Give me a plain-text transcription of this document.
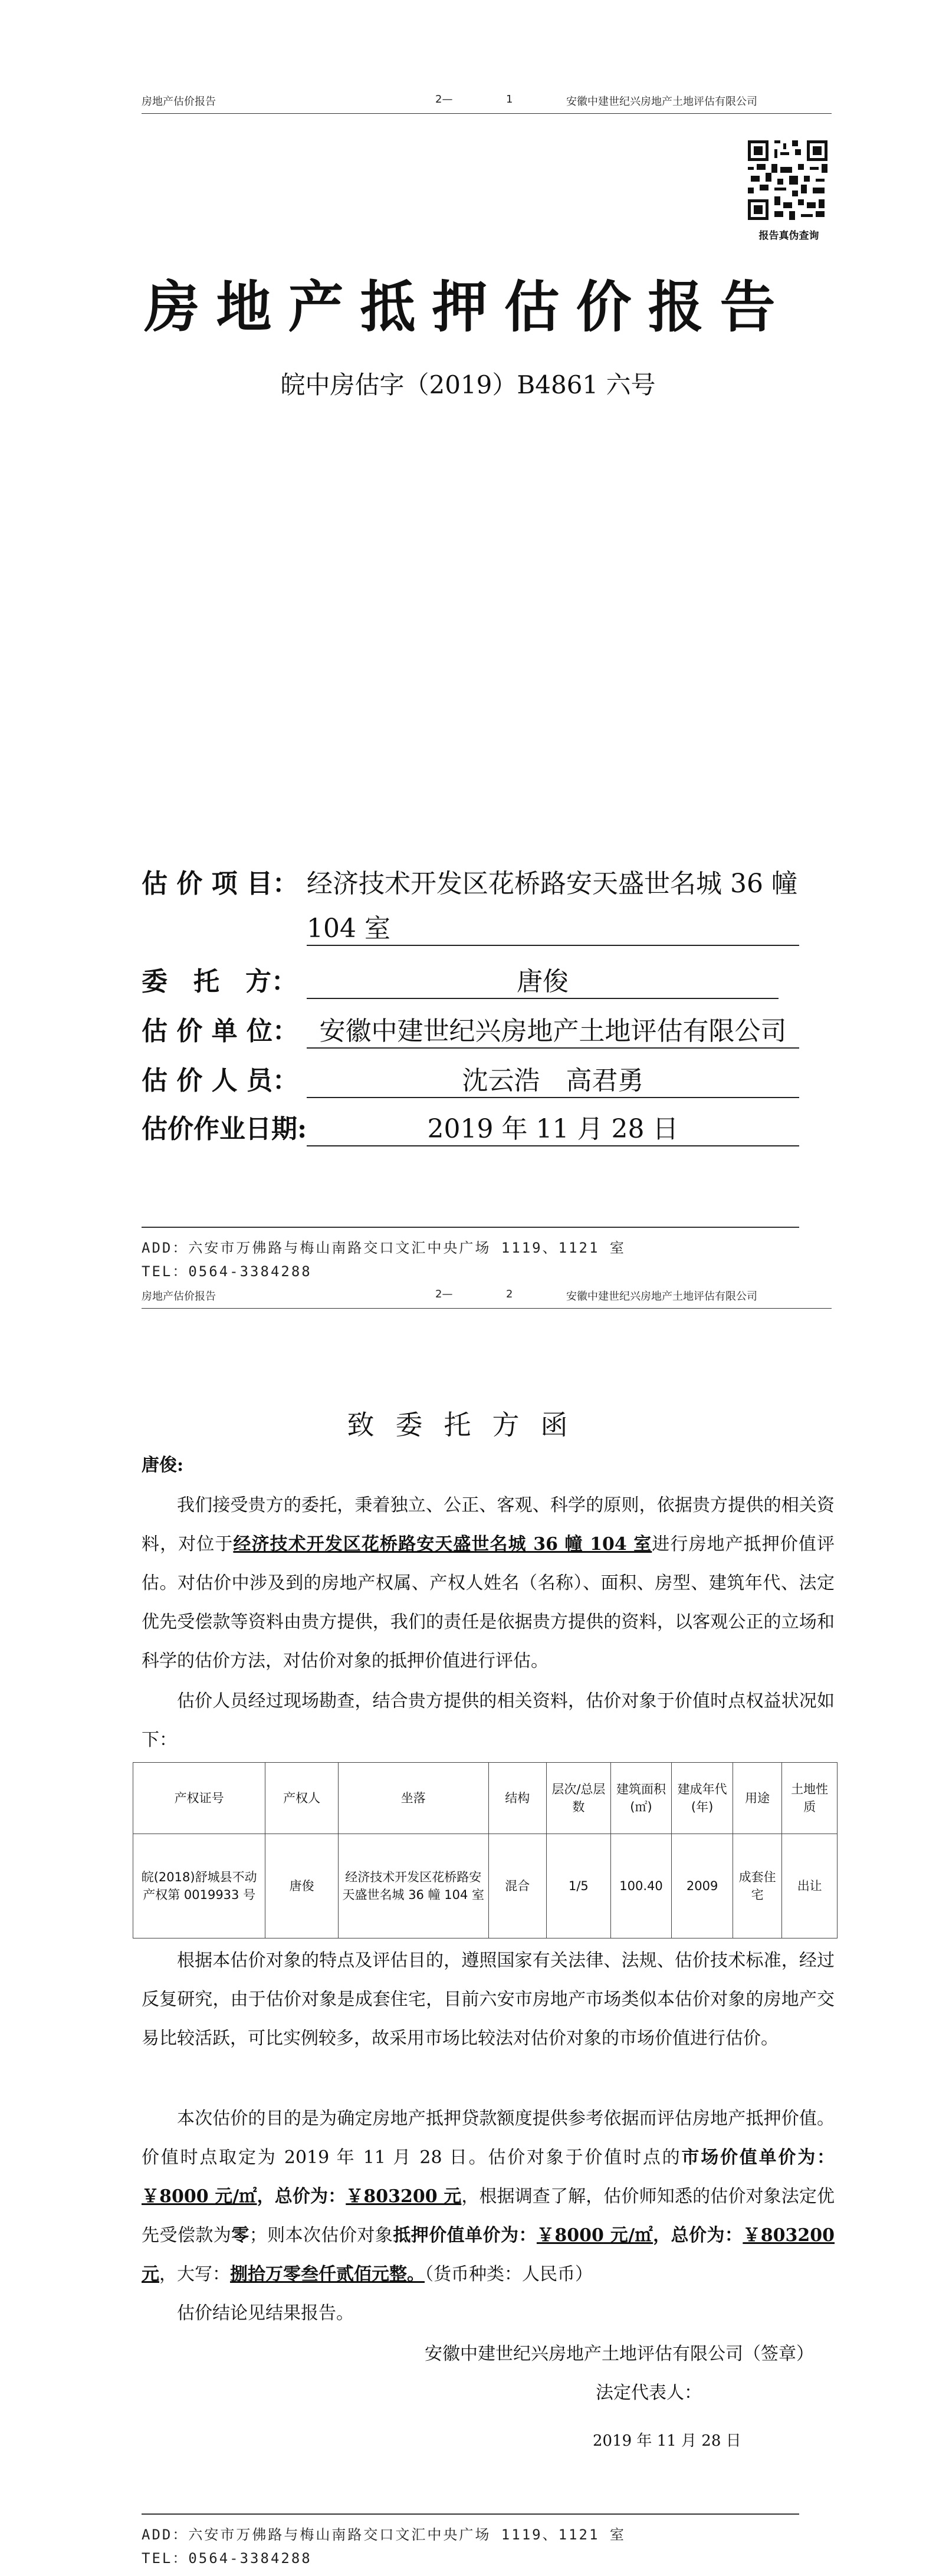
房地产估价报告	2—	1	安徽中建世纪兴房地产土地评估有限公司
报告真伪查询
房地产抵押估价报告
皖中房估字（2019）B4861 六号
估 价 项 目： 经济技术开发区花桥路安天盛世名城 36 幢
104 室
委　托　方：	唐俊
估 价 单 位： 安徽中建世纪兴房地产土地评估有限公司
估 价 人 员：	沈云浩　高君勇
估价作业日期:	2019 年 11 月 28 日
ADD：六安市万佛路与梅山南路交口文汇中央广场 1119、1121 室
TEL：0564-3384288
房地产估价报告	2—	2	安徽中建世纪兴房地产土地评估有限公司
致委托方函
唐俊:
我们接受贵方的委托，秉着独立、公正、客观、科学的原则，依据贵方提供的相关资料，对位于经济技术开发区花桥路安天盛世名城 36 幢 104 室进行房地产抵押价值评估。对估价中涉及到的房地产权属、产权人姓名（名称）、面积、房型、建筑年代、法定优先受偿款等资料由贵方提供，我们的责任是依据贵方提供的资料，以客观公正的立场和科学的估价方法，对估价对象的抵押价值进行评估。
估价人员经过现场勘查，结合贵方提供的相关资料，估价对象于价值时点权益状况如下：
产权证号	产权人	坐落	结构	层次/总层数	建筑面积(㎡)	建成年代(年)	用途	土地性质
皖(2018)舒城县不动产权第 0019933 号	唐俊	经济技术开发区花桥路安天盛世名城 36 幢 104 室	混合	1/5	100.40	2009	成套住宅	出让
根据本估价对象的特点及评估目的，遵照国家有关法律、法规、估价技术标准，经过反复研究，由于估价对象是成套住宅，目前六安市房地产市场类似本估价对象的房地产交易比较活跃，可比实例较多，故采用市场比较法对估价对象的市场价值进行估价。
本次估价的目的是为确定房地产抵押贷款额度提供参考依据而评估房地产抵押价值。价值时点取定为 2019 年 11 月 28 日。估价对象于价值时点的市场价值单价为：￥8000 元/㎡，总价为：￥803200 元，根据调查了解，估价师知悉的估价对象法定优先受偿款为零；则本次估价对象抵押价值单价为：￥8000 元/㎡，总价为：￥803200 元，大写：捌拾万零叁仟贰佰元整。（货币种类：人民币）
估价结论见结果报告。
安徽中建世纪兴房地产土地评估有限公司（签章）
法定代表人：
2019 年 11 月 28 日
ADD：六安市万佛路与梅山南路交口文汇中央广场 1119、1121 室
TEL：0564-3384288
